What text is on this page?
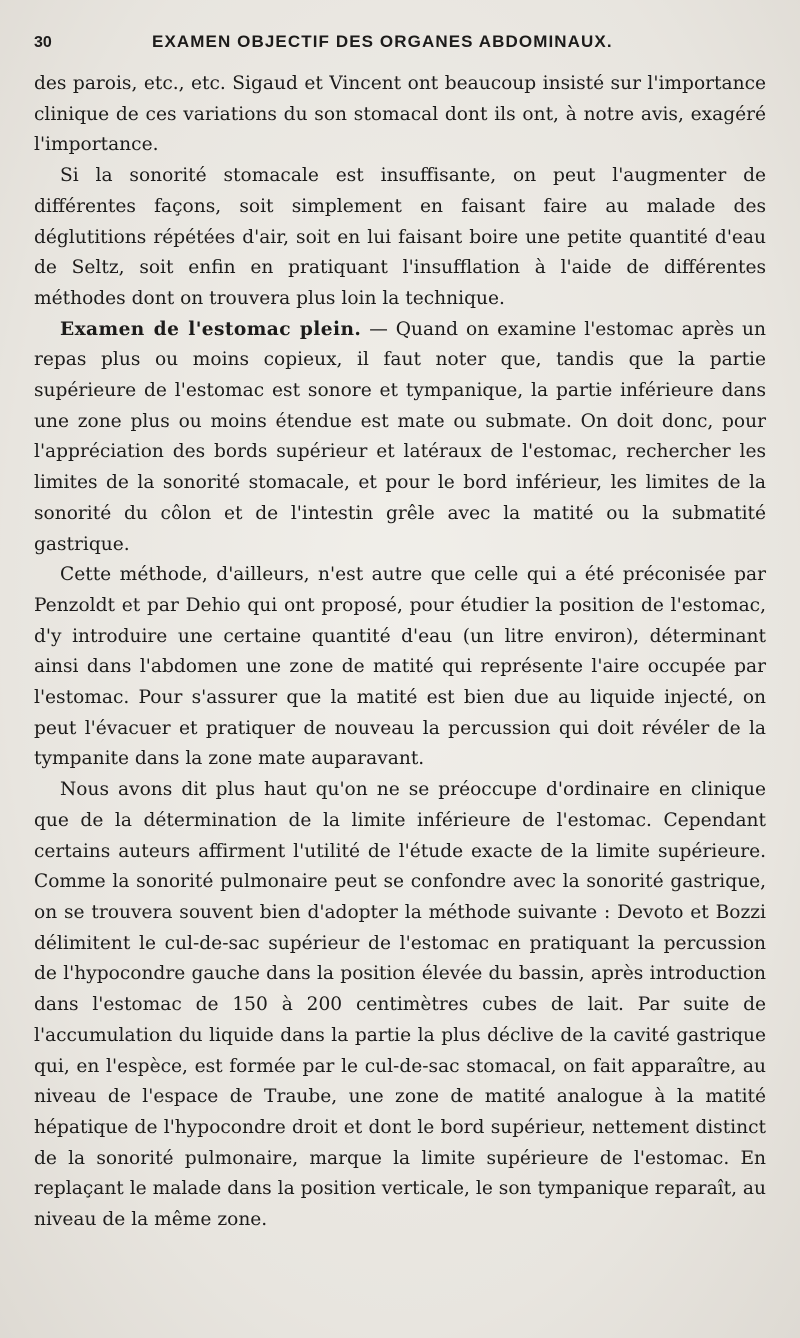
30	EXAMEN OBJECTIF DES ORGANES ABDOMINAUX.

des parois, etc., etc. Sigaud et Vincent ont beaucoup insisté sur l'importance clinique de ces variations du son stomacal dont ils ont, à notre avis, exagéré l'importance.

Si la sonorité stomacale est insuffisante, on peut l'augmenter de différentes façons, soit simplement en faisant faire au malade des déglutitions répétées d'air, soit en lui faisant boire une petite quantité d'eau de Seltz, soit enfin en pratiquant l'insufflation à l'aide de différentes méthodes dont on trouvera plus loin la technique.

Examen de l'estomac plein. — Quand on examine l'estomac après un repas plus ou moins copieux, il faut noter que, tandis que la partie supérieure de l'estomac est sonore et tympanique, la partie inférieure dans une zone plus ou moins étendue est mate ou submate. On doit donc, pour l'appréciation des bords supérieur et latéraux de l'estomac, rechercher les limites de la sonorité stomacale, et pour le bord inférieur, les limites de la sonorité du côlon et de l'intestin grêle avec la matité ou la submatité gastrique.

Cette méthode, d'ailleurs, n'est autre que celle qui a été préconisée par Penzoldt et par Dehio qui ont proposé, pour étudier la position de l'estomac, d'y introduire une certaine quantité d'eau (un litre environ), déterminant ainsi dans l'abdomen une zone de matité qui représente l'aire occupée par l'estomac. Pour s'assurer que la matité est bien due au liquide injecté, on peut l'évacuer et pratiquer de nouveau la percussion qui doit révéler de la tympanite dans la zone mate auparavant.

Nous avons dit plus haut qu'on ne se préoccupe d'ordinaire en clinique que de la détermination de la limite inférieure de l'estomac. Cependant certains auteurs affirment l'utilité de l'étude exacte de la limite supérieure. Comme la sonorité pulmonaire peut se confondre avec la sonorité gastrique, on se trouvera souvent bien d'adopter la méthode suivante : Devoto et Bozzi délimitent le cul-de-sac supérieur de l'estomac en pratiquant la percussion de l'hypocondre gauche dans la position élevée du bassin, après introduction dans l'estomac de 150 à 200 centimètres cubes de lait. Par suite de l'accumulation du liquide dans la partie la plus déclive de la cavité gastrique qui, en l'espèce, est formée par le cul-de-sac stomacal, on fait apparaître, au niveau de l'espace de Traube, une zone de matité analogue à la matité hépatique de l'hypocondre droit et dont le bord supérieur, nettement distinct de la sonorité pulmonaire, marque la limite supérieure de l'estomac. En replaçant le malade dans la position verticale, le son tympanique reparaît, au niveau de la même zone.
